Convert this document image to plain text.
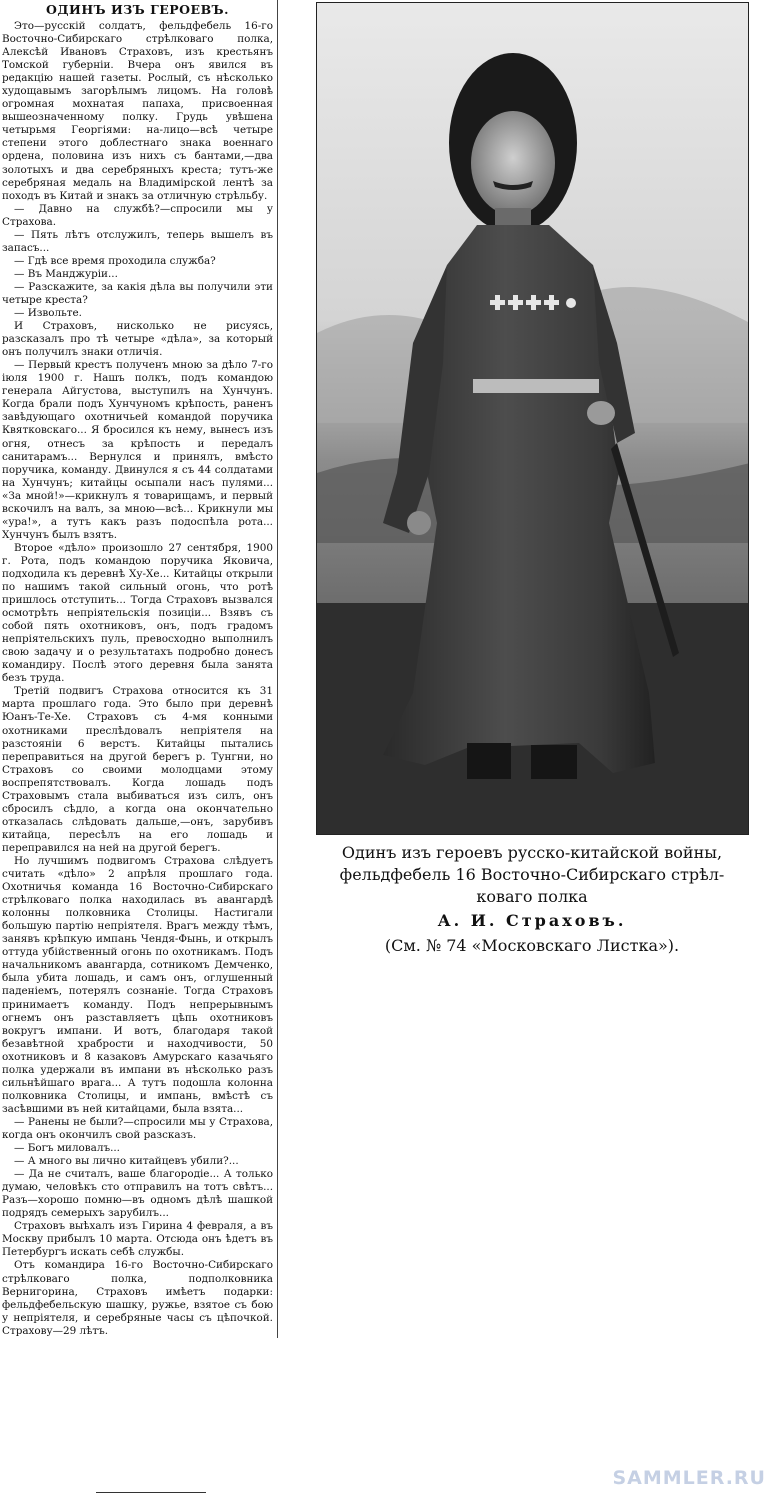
ОДИНЪ ИЗЪ ГЕРОЕВЪ.

Это—русскій солдатъ, фельдфебель 16-го Восточно-Сибирскаго стрѣлковаго полка, Алексѣй Ивановъ Страховъ, изъ крестьянъ Томской губерніи. Вчера онъ явился въ редакцію нашей газеты. Рослый, съ нѣсколько худощавымъ загорѣлымъ лицомъ. На головѣ огромная мохнатая папаха, присвоенная вышеозначенному полку. Грудь увѣшена четырьмя Георгіями: на-лицо—всѣ четыре степени этого доблестнаго знака военнаго ордена, половина изъ нихъ съ бантами,—два золотыхъ и два серебряныхъ креста; тутъ-же серебряная медаль на Владимірской лентѣ за походъ въ Китай и знакъ за отличную стрѣльбу.

— Давно на службѣ?—спросили мы у Страхова.

— Пять лѣтъ отслужилъ, теперь вышелъ въ запасъ...

— Гдѣ все время проходила служба?

— Въ Манджуріи...

— Разскажите, за какія дѣла вы получили эти четыре креста?

— Извольте.

И Страховъ, нисколько не рисуясь, разсказалъ про тѣ четыре «дѣла», за который онъ получилъ знаки отличія.

— Первый крестъ полученъ мною за дѣло 7-го іюля 1900 г. Нашъ полкъ, подъ командою генерала Айгустова, выступилъ на Хунчунъ. Когда брали подъ Хунчуномъ крѣпость, раненъ завѣдующаго охотничьей командой поручика Квятковскаго... Я бросился къ нему, вынесъ изъ огня, отнесъ за крѣпость и передалъ санитарамъ... Вернулся и принялъ, вмѣсто поручика, команду. Двинулся я съ 44 солдатами на Хунчунъ; китайцы осыпали насъ пулями... «За мной!»—крикнулъ я товарищамъ, и первый вскочилъ на валъ, за мною—всѣ... Крикнули мы «ура!», а тутъ какъ разъ подоспѣла рота... Хунчунъ былъ взятъ.

Второе «дѣло» произошло 27 сентября, 1900 г. Рота, подъ командою поручика Яковича, подходила къ деревнѣ Ху-Хе... Китайцы открыли по нашимъ такой сильный огонь, что ротѣ пришлось отступить... Тогда Страховъ вызвался осмотрѣть непріятельскія позиціи... Взявъ съ собой пять охотниковъ, онъ, подъ градомъ непріятельскихъ пуль, превосходно выполнилъ свою задачу и о результатахъ подробно донесъ командиру. Послѣ этого деревня была занята безъ труда.

Третій подвигъ Страхова относится къ 31 марта прошлаго года. Это было при деревнѣ Юанъ-Те-Хе. Страховъ съ 4-мя конными охотниками преслѣдовалъ непріятеля на разстояніи 6 верстъ. Китайцы пытались переправиться на другой берегъ р. Тунгни, но Страховъ со своими молодцами этому воспрепятствовалъ. Когда лошадь подъ Страховымъ стала выбиваться изъ силъ, онъ сбросилъ сѣдло, а когда она окончательно отказалась слѣдовать дальше,—онъ, зарубивъ китайца, пересѣлъ на его лошадь и переправился на ней на другой берегъ.

Но лучшимъ подвигомъ Страхова слѣдуетъ считать «дѣло» 2 апрѣля прошлаго года. Охотничья команда 16 Восточно-Сибирскаго стрѣлковаго полка находилась въ авангардѣ колонны полковника Столицы. Настигали большую партію непріятеля. Врагъ между тѣмъ, занявъ крѣпкую импань Чендя-Фынь, и открылъ оттуда убійственный огонь по охотникамъ. Подъ начальникомъ авангарда, сотникомъ Демченко, была убита лошадь, и самъ онъ, оглушенный паденіемъ, потерялъ сознаніе. Тогда Страховъ принимаетъ команду. Подъ непрерывнымъ огнемъ онъ разставляетъ цѣпь охотниковъ вокругъ импани. И вотъ, благодаря такой безавѣтной храбрости и находчивости, 50 охотниковъ и 8 казаковъ Амурскаго казачьяго полка удержали въ импани въ нѣсколько разъ сильнѣйшаго врага... А тутъ подошла колонна полковника Столицы, и импань, вмѣстѣ съ засѣвшими въ ней китайцами, была взята...

— Ранены не были?—спросили мы у Страхова, когда онъ окончилъ свой разсказъ.

— Богъ миловалъ...

— А много вы лично китайцевъ убили?...

— Да не считалъ, ваше благородіе... А только думаю, человѣкъ сто отправилъ на тотъ свѣтъ... Разъ—хорошо помню—въ одномъ дѣлѣ шашкой подрядъ семерыхъ зарубилъ...

Страховъ выѣхалъ изъ Гирина 4 февраля, а въ Москву прибылъ 10 марта. Отсюда онъ ѣдетъ въ Петербургъ искать себѣ службы.

Отъ командира 16-го Восточно-Сибирскаго стрѣлковаго полка, подполковника Вернигорина, Страховъ имѣетъ подарки: фельдфебельскую шашку, ружье, взятое съ бою у непріятеля, и серебряные часы съ цѣпочкой. Страхову—29 лѣтъ.

Одинъ изъ героевъ русско-китайской войны,
фельдфебель 16 Восточно-Сибирскаго стрѣл-
коваго полка
А. И. Страховъ.
(См. № 74 «Московскаго Листка»).
SAMMLER.RU
